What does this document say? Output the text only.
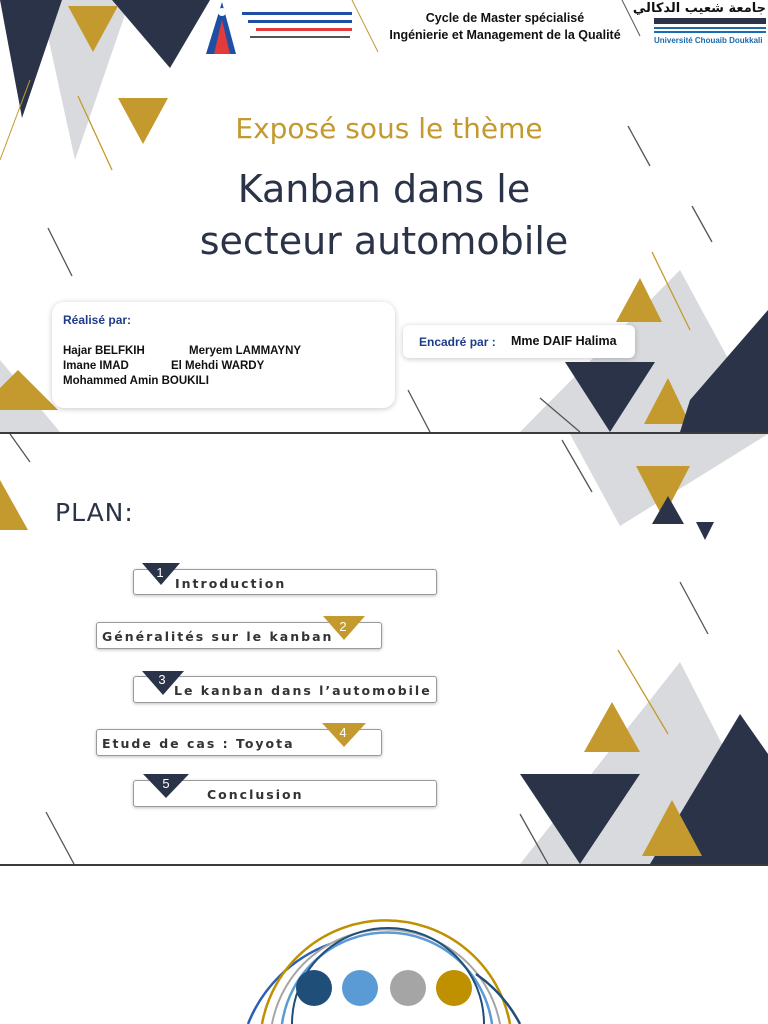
Cycle de Master spécialisé
Ingénierie et Management de la Qualité
جامعة شعيب الدكالي
Université Chouaib Doukkali
Exposé sous le thème
Kanban dans le
secteur automobile
Réalisé par:
Hajar BELFKIH	Meryem LAMMAYNY
Imane IMAD	El Mehdi WARDY
Mohammed Amin BOUKILI
Encadré par : Mme DAIF Halima
PLAN:
Introduction
1
Généralités sur le kanban
2
Le kanban dans l’automobile
3
Etude de cas : Toyota
4
Conclusion
5
